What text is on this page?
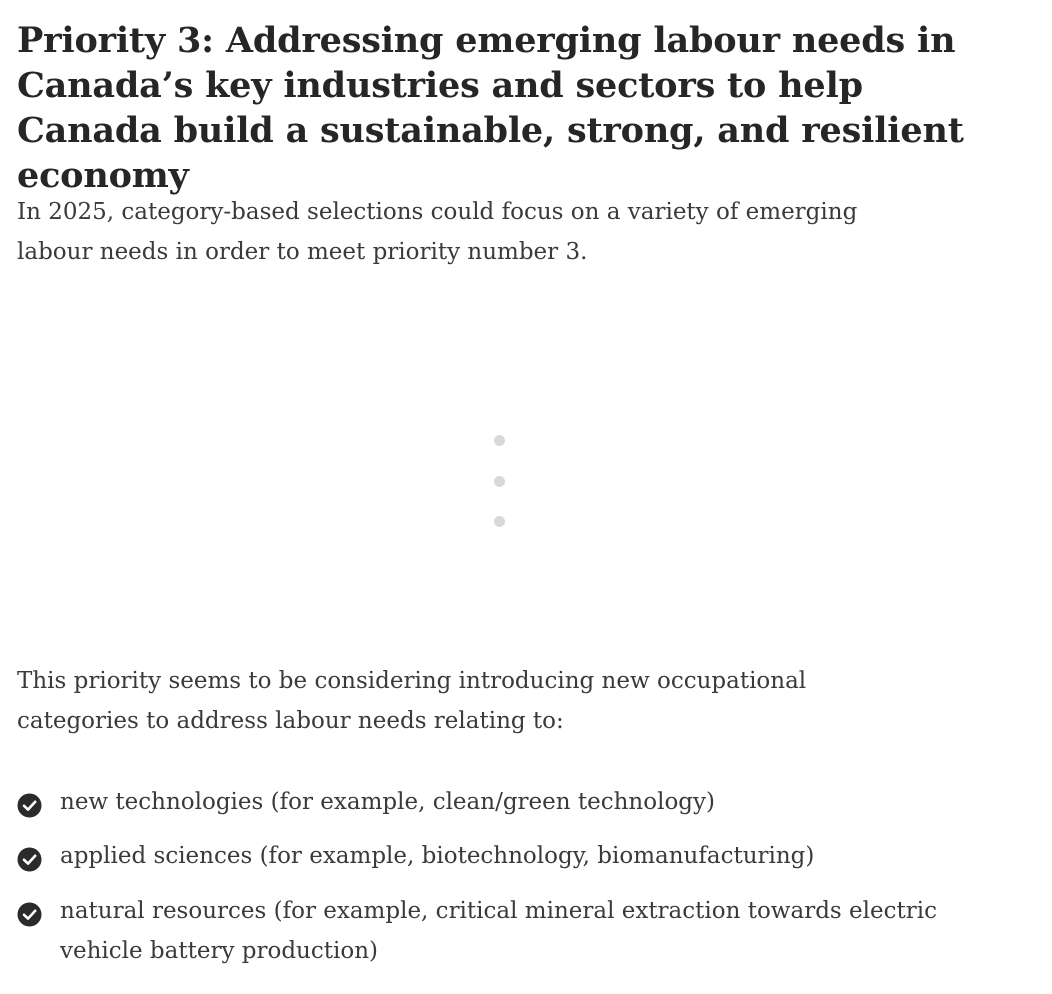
Priority 3: Addressing emerging labour needs in Canada’s key industries and sectors to help Canada build a sustainable, strong, and resilient economy

In 2025, category-based selections could focus on a variety of emerging labour needs in order to meet priority number 3.

This priority seems to be considering introducing new occupational categories to address labour needs relating to:

new technologies (for example, clean/green technology)
applied sciences (for example, biotechnology, biomanufacturing)
natural resources (for example, critical mineral extraction towards electric vehicle battery production)
